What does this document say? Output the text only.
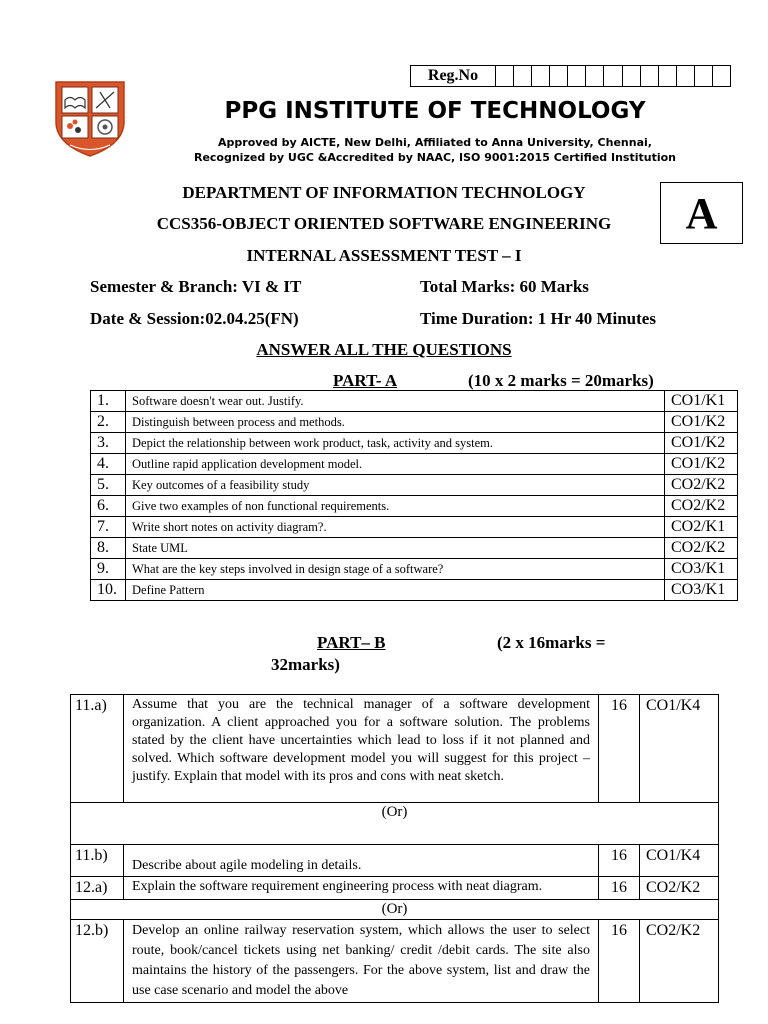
Reg.No
PPG INSTITUTE OF TECHNOLOGY
Approved by AICTE, New Delhi, Affiliated to Anna University, Chennai,
Recognized by UGC &Accredited by NAAC, ISO 9001:2015 Certified Institution
DEPARTMENT OF INFORMATION TECHNOLOGY
CCS356-OBJECT ORIENTED SOFTWARE ENGINEERING
INTERNAL ASSESSMENT TEST – I
A
Semester & Branch: VI & IT	Total Marks: 60 Marks
Date & Session:02.04.25(FN)	Time Duration: 1 Hr 40 Minutes
ANSWER ALL THE QUESTIONS
PART- A	(10 x 2 marks = 20marks)
1.	Software doesn't wear out. Justify.	CO1/K1
2.	Distinguish between process and methods.	CO1/K2
3.	Depict the relationship between work product, task, activity and system.	CO1/K2
4.	Outline rapid application development model.	CO1/K2
5.	Key outcomes of a feasibility study	CO2/K2
6.	Give two examples of non functional requirements.	CO2/K2
7.	Write short notes on activity diagram?.	CO2/K1
8.	State UML	CO2/K2
9.	What are the key steps involved in design stage of a software?	CO3/K1
10.	Define Pattern	CO3/K1
PART– B	(2 x 16marks =
32marks)
11.a)	Assume that you are the technical manager of a software development organization. A client approached you for a software solution. The problems stated by the client have uncertainties which lead to loss if it not planned and solved. Which software development model you will suggest for this project – justify. Explain that model with its pros and cons with neat sketch.	16	CO1/K4
(Or)			
11.b)	Describe about agile modeling in details.	16	CO1/K4
12.a)	Explain the software requirement engineering process with neat diagram.	16	CO2/K2
(Or)			
12.b)	Develop an online railway reservation system, which allows the user to select route, book/cancel tickets using net banking/ credit /debit cards. The site also maintains the history of the passengers. For the above system, list and draw the use case scenario and model the above	16	CO2/K2
